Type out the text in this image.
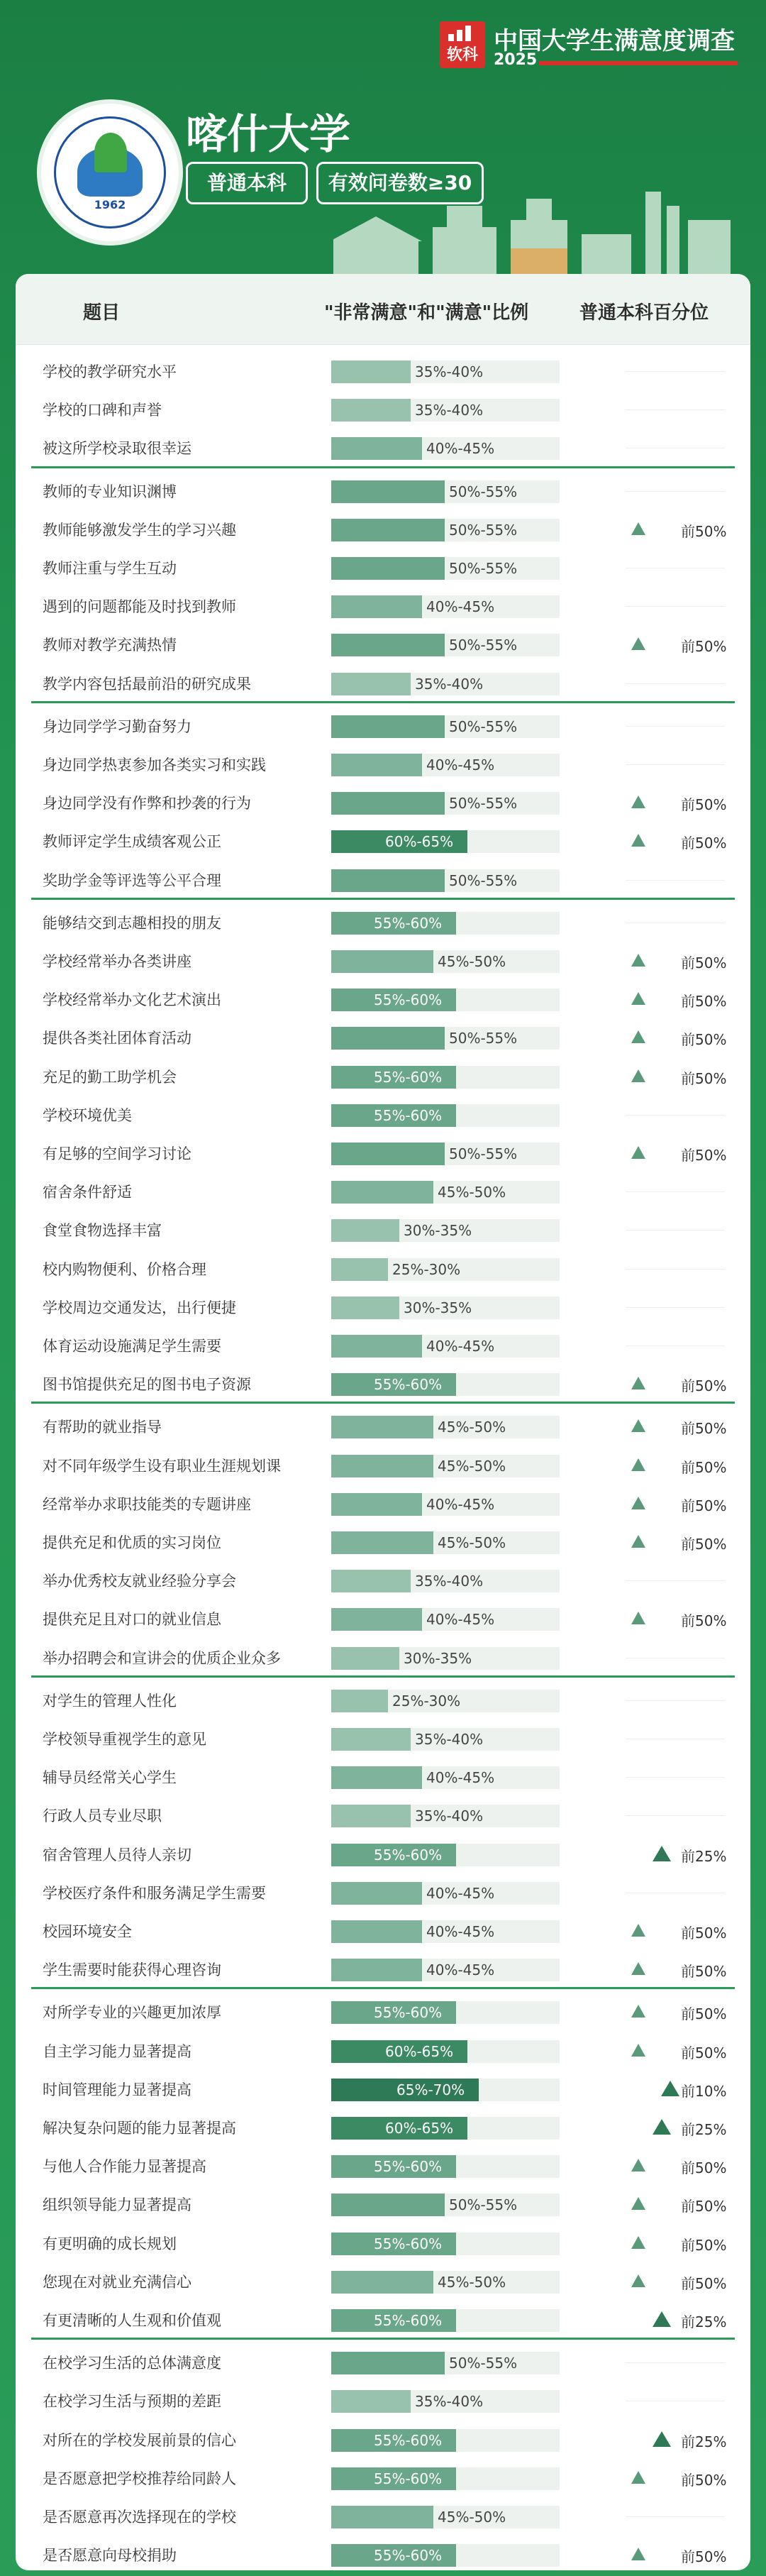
软科 中国大学生满意度调查
2025
1962
喀什大学
普通本科	有效问卷数≥30
题目	"非常满意"和"满意"比例	普通本科百分位
学校的教学研究水平	35%-40%
学校的口碑和声誉	35%-40%
被这所学校录取很幸运	40%-45%
教师的专业知识渊博	50%-55%
教师能够激发学生的学习兴趣	50%-55%	前50%
教师注重与学生互动	50%-55%
遇到的问题都能及时找到教师	40%-45%
教师对教学充满热情	50%-55%	前50%
教学内容包括最前沿的研究成果	35%-40%
身边同学学习勤奋努力	50%-55%
身边同学热衷参加各类实习和实践	40%-45%
身边同学没有作弊和抄袭的行为	50%-55%	前50%
教师评定学生成绩客观公正	60%-65%	前50%
奖助学金等评选等公平合理	50%-55%
能够结交到志趣相投的朋友	55%-60%
学校经常举办各类讲座	45%-50%	前50%
学校经常举办文化艺术演出	55%-60%	前50%
提供各类社团体育活动	50%-55%	前50%
充足的勤工助学机会	55%-60%	前50%
学校环境优美	55%-60%
有足够的空间学习讨论	50%-55%	前50%
宿舍条件舒适	45%-50%
食堂食物选择丰富	30%-35%
校内购物便利、价格合理	25%-30%
学校周边交通发达，出行便捷	30%-35%
体育运动设施满足学生需要	40%-45%
图书馆提供充足的图书电子资源	55%-60%	前50%
有帮助的就业指导	45%-50%	前50%
对不同年级学生设有职业生涯规划课	45%-50%	前50%
经常举办求职技能类的专题讲座	40%-45%	前50%
提供充足和优质的实习岗位	45%-50%	前50%
举办优秀校友就业经验分享会	35%-40%
提供充足且对口的就业信息	40%-45%	前50%
举办招聘会和宣讲会的优质企业众多	30%-35%
对学生的管理人性化	25%-30%
学校领导重视学生的意见	35%-40%
辅导员经常关心学生	40%-45%
行政人员专业尽职	35%-40%
宿舍管理人员待人亲切	55%-60%	前25%
学校医疗条件和服务满足学生需要	40%-45%
校园环境安全	40%-45%	前50%
学生需要时能获得心理咨询	40%-45%	前50%
对所学专业的兴趣更加浓厚	55%-60%	前50%
自主学习能力显著提高	60%-65%	前50%
时间管理能力显著提高	65%-70%	前10%
解决复杂问题的能力显著提高	60%-65%	前25%
与他人合作能力显著提高	55%-60%	前50%
组织领导能力显著提高	50%-55%	前50%
有更明确的成长规划	55%-60%	前50%
您现在对就业充满信心	45%-50%	前50%
有更清晰的人生观和价值观	55%-60%	前25%
在校学习生活的总体满意度	50%-55%
在校学习生活与预期的差距	35%-40%
对所在的学校发展前景的信心	55%-60%	前25%
是否愿意把学校推荐给同龄人	55%-60%	前50%
是否愿意再次选择现在的学校	45%-50%
是否愿意向母校捐助	55%-60%	前50%
